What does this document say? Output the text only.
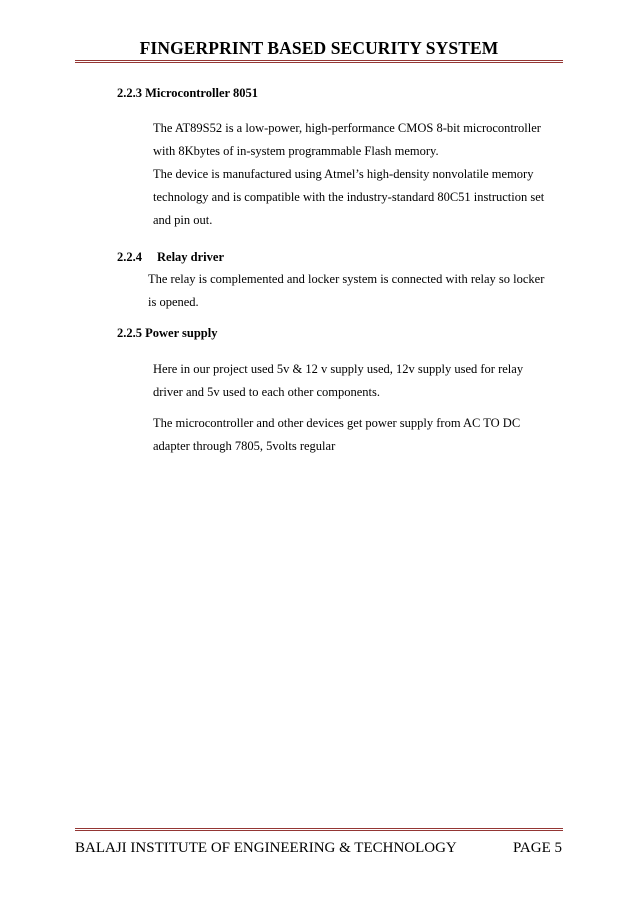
FINGERPRINT BASED SECURITY SYSTEM
2.2.3 Microcontroller 8051
The AT89S52 is a low-power, high-performance CMOS 8-bit microcontroller
with 8Kbytes of in-system programmable Flash memory.
The device is manufactured using Atmel’s high-density nonvolatile memory
technology and is compatible with the industry-standard 80C51 instruction set
and pin out.
2.2.4 Relay driver
The relay is complemented and locker system is connected with relay so locker
is opened.
2.2.5 Power supply
Here in our project used 5v & 12 v supply used, 12v supply used for relay
driver and 5v used to each other components.
The microcontroller and other devices get power supply from AC TO DC
adapter through 7805, 5volts regular
BALAJI INSTITUTE OF ENGINEERING & TECHNOLOGY	PAGE 5
